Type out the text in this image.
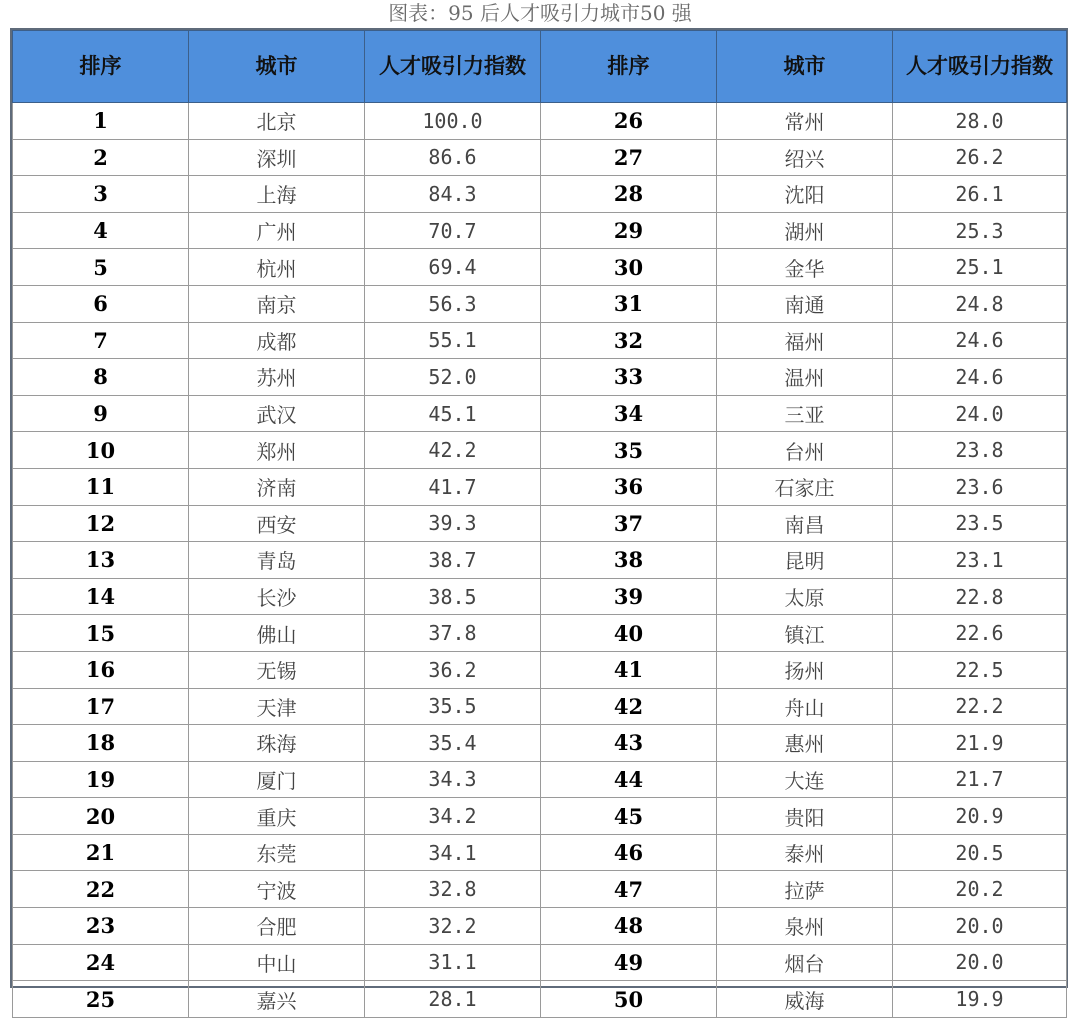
图表：95 后人才吸引力城市50 强
排序	城市	人才吸引力指数	排序	城市	人才吸引力指数
1	北京	100.0	26	常州	28.0
2	深圳	86.6	27	绍兴	26.2
3	上海	84.3	28	沈阳	26.1
4	广州	70.7	29	湖州	25.3
5	杭州	69.4	30	金华	25.1
6	南京	56.3	31	南通	24.8
7	成都	55.1	32	福州	24.6
8	苏州	52.0	33	温州	24.6
9	武汉	45.1	34	三亚	24.0
10	郑州	42.2	35	台州	23.8
11	济南	41.7	36	石家庄	23.6
12	西安	39.3	37	南昌	23.5
13	青岛	38.7	38	昆明	23.1
14	长沙	38.5	39	太原	22.8
15	佛山	37.8	40	镇江	22.6
16	无锡	36.2	41	扬州	22.5
17	天津	35.5	42	舟山	22.2
18	珠海	35.4	43	惠州	21.9
19	厦门	34.3	44	大连	21.7
20	重庆	34.2	45	贵阳	20.9
21	东莞	34.1	46	泰州	20.5
22	宁波	32.8	47	拉萨	20.2
23	合肥	32.2	48	泉州	20.0
24	中山	31.1	49	烟台	20.0
25	嘉兴	28.1	50	威海	19.9
